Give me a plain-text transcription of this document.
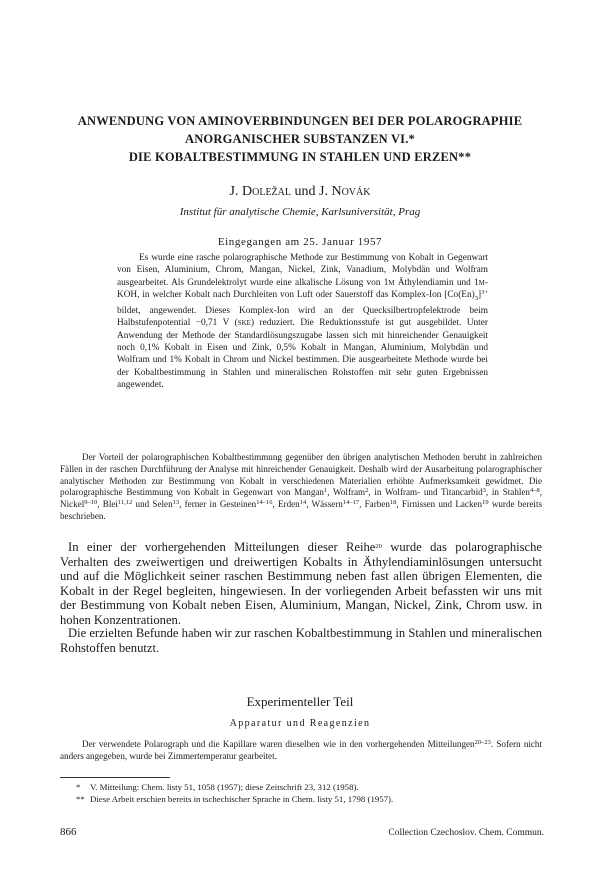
ANWENDUNG VON AMINOVERBINDUNGEN BEI DER POLAROGRAPHIE
ANORGANISCHER SUBSTANZEN VI.*
DIE KOBALTBESTIMMUNG IN STAHLEN UND ERZEN**
J. Doležal und J. Novák
Institut für analytische Chemie, Karlsuniversität, Prag
Eingegangen am 25. Januar 1957

Es wurde eine rasche polarographische Methode zur Bestimmung von Kobalt in Gegenwart von Eisen, Aluminium, Chrom, Mangan, Nickel, Zink, Vanadium, Molybdän und Wolfram ausgearbeitet. Als Grundelektrolyt wurde eine alkalische Lösung von 1m Äthylendiamin und 1m-KOH, in welcher Kobalt nach Durchleiten von Luft oder Sauerstoff das Komplex-Ion $[Co(En)_3]^{3+}$ bildet, angewendet. Dieses Komplex-Ion wird an der Quecksilbertropfelektrode beim Halbstufenpotential −0,71 V (ske) reduziert. Die Reduktionsstufe ist gut ausgebildet. Unter Anwendung der Methode der Standardlösungszugabe lassen sich mit hinreichender Genauigkeit noch 0,1% Kobalt in Eisen und Zink, 0,5% Kobalt in Mangan, Aluminium, Molybdän und Wolfram und 1% Kobalt in Chrom und Nickel bestimmen. Die ausgearbeitete Methode wurde bei der Kobaltbestimmung in Stahlen und mineralischen Rohstoffen mit sehr guten Ergebnissen angewendet.

Der Vorteil der polarographischen Kobaltbestimmung gegenüber den übrigen analytischen Methoden beruht in zahlreichen Fällen in der raschen Durchführung der Analyse mit hinreichender Genauigkeit. Deshalb wird der Ausarbeitung polarographischer analytischer Methoden zur Bestimmung von Kobalt in verschiedenen Materialien erhöhte Aufmerksamkeit gewidmet. Die polarographische Bestimmung von Kobalt in Gegenwart von Mangan$^1$, Wolfram$^2$, in Wolfram- und Titancarbid$^3$, in Stahlen$^{4-8}$, Nickel$^{9-10}$, Blei$^{11,12}$ und Selen$^{13}$, ferner in Gesteinen$^{14-16}$, Erden$^{14}$, Wässern$^{14-17}$, Farben$^{18}$, Firnissen und Lacken$^{19}$ wurde bereits beschrieben.

In einer der vorhergehenden Mitteilungen dieser Reihe$^{20}$ wurde das polarographische Verhalten des zweiwertigen und dreiwertigen Kobalts in Äthylendiaminlösungen untersucht und auf die Möglichkeit seiner raschen Bestimmung neben fast allen übrigen Elementen, die Kobalt in der Regel begleiten, hingewiesen. In der vorliegenden Arbeit befassten wir uns mit der Bestimmung von Kobalt neben Eisen, Aluminium, Mangan, Nickel, Zink, Chrom usw. in hohen Konzentrationen.

Die erzielten Befunde haben wir zur raschen Kobaltbestimmung in Stahlen und mineralischen Rohstoffen benutzt.

Experimenteller Teil
Apparatur und Reagenzien

Der verwendete Polarograph und die Kapillare waren dieselben wie in den vorhergehenden Mitteilungen$^{20-23}$. Sofern nicht anders angegeben, wurde bei Zimmertemperatur gearbeitet.

* V. Mitteilung: Chem. listy 51, 1058 (1957); diese Zeitschrift 23, 312 (1958).

** Diese Arbeit erschien bereits in tschechischer Sprache in Chem. listy 51, 1798 (1957).

866	Collection Czechoslov. Chem. Commun.
